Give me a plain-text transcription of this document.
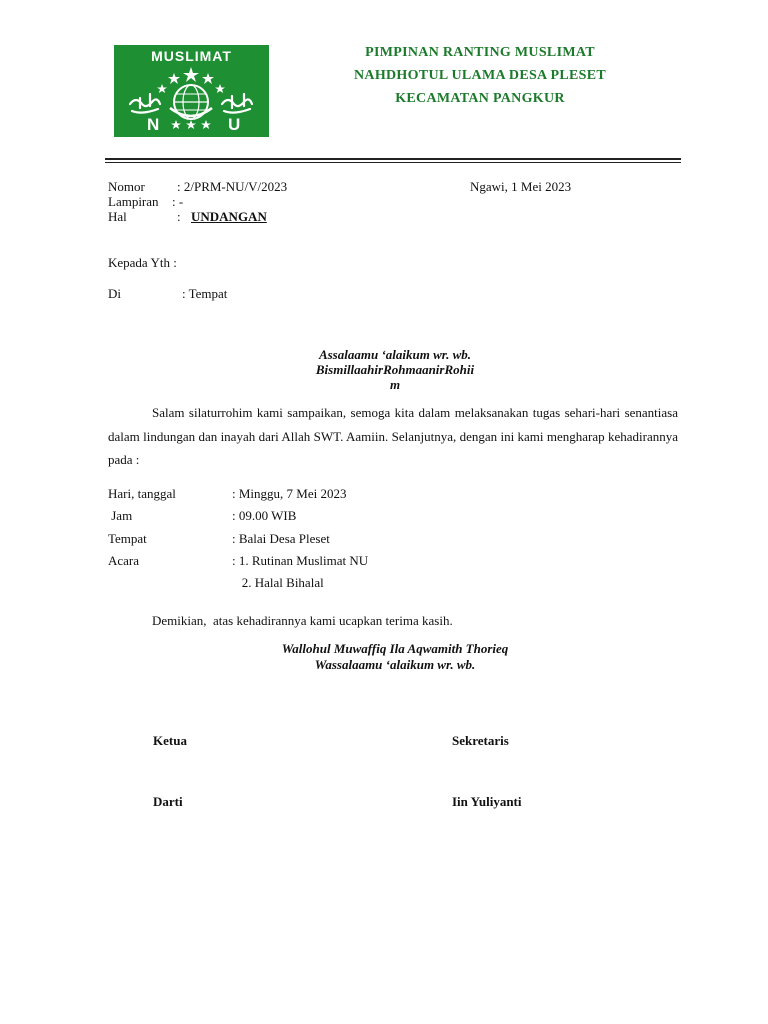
MUSLIMAT
N	U
PIMPINAN RANTING MUSLIMAT
NAHDHOTUL ULAMA DESA PLESET
KECAMATAN PANGKUR
Nomor : 2/PRM-NU/V/2023	Ngawi, 1 Mei 2023
Lampiran : -
Hal	: UNDANGAN
Kepada Yth :
Di	: Tempat
Assalaamu ‘alaikum wr. wb.
BismillaahirRohmaanirRohii
m
Salam silaturrohim kami sampaikan, semoga kita dalam melaksanakan tugas sehari-hari senantiasa dalam lindungan dan inayah dari Allah SWT. Aamiin. Selanjutnya, dengan ini kami mengharap kehadirannya pada :
Hari, tanggal	: Minggu, 7 Mei 2023
Jam	: 09.00 WIB
Tempat	: Balai Desa Pleset
Acara	: 1. Rutinan Muslimat NU
2. Halal Bihalal
Demikian,  atas kehadirannya kami ucapkan terima kasih.
Wallohul Muwaffiq Ila Aqwamith Thorieq
Wassalaamu ‘alaikum wr. wb.
Ketua	Sekretaris
Darti	Iin Yuliyanti
